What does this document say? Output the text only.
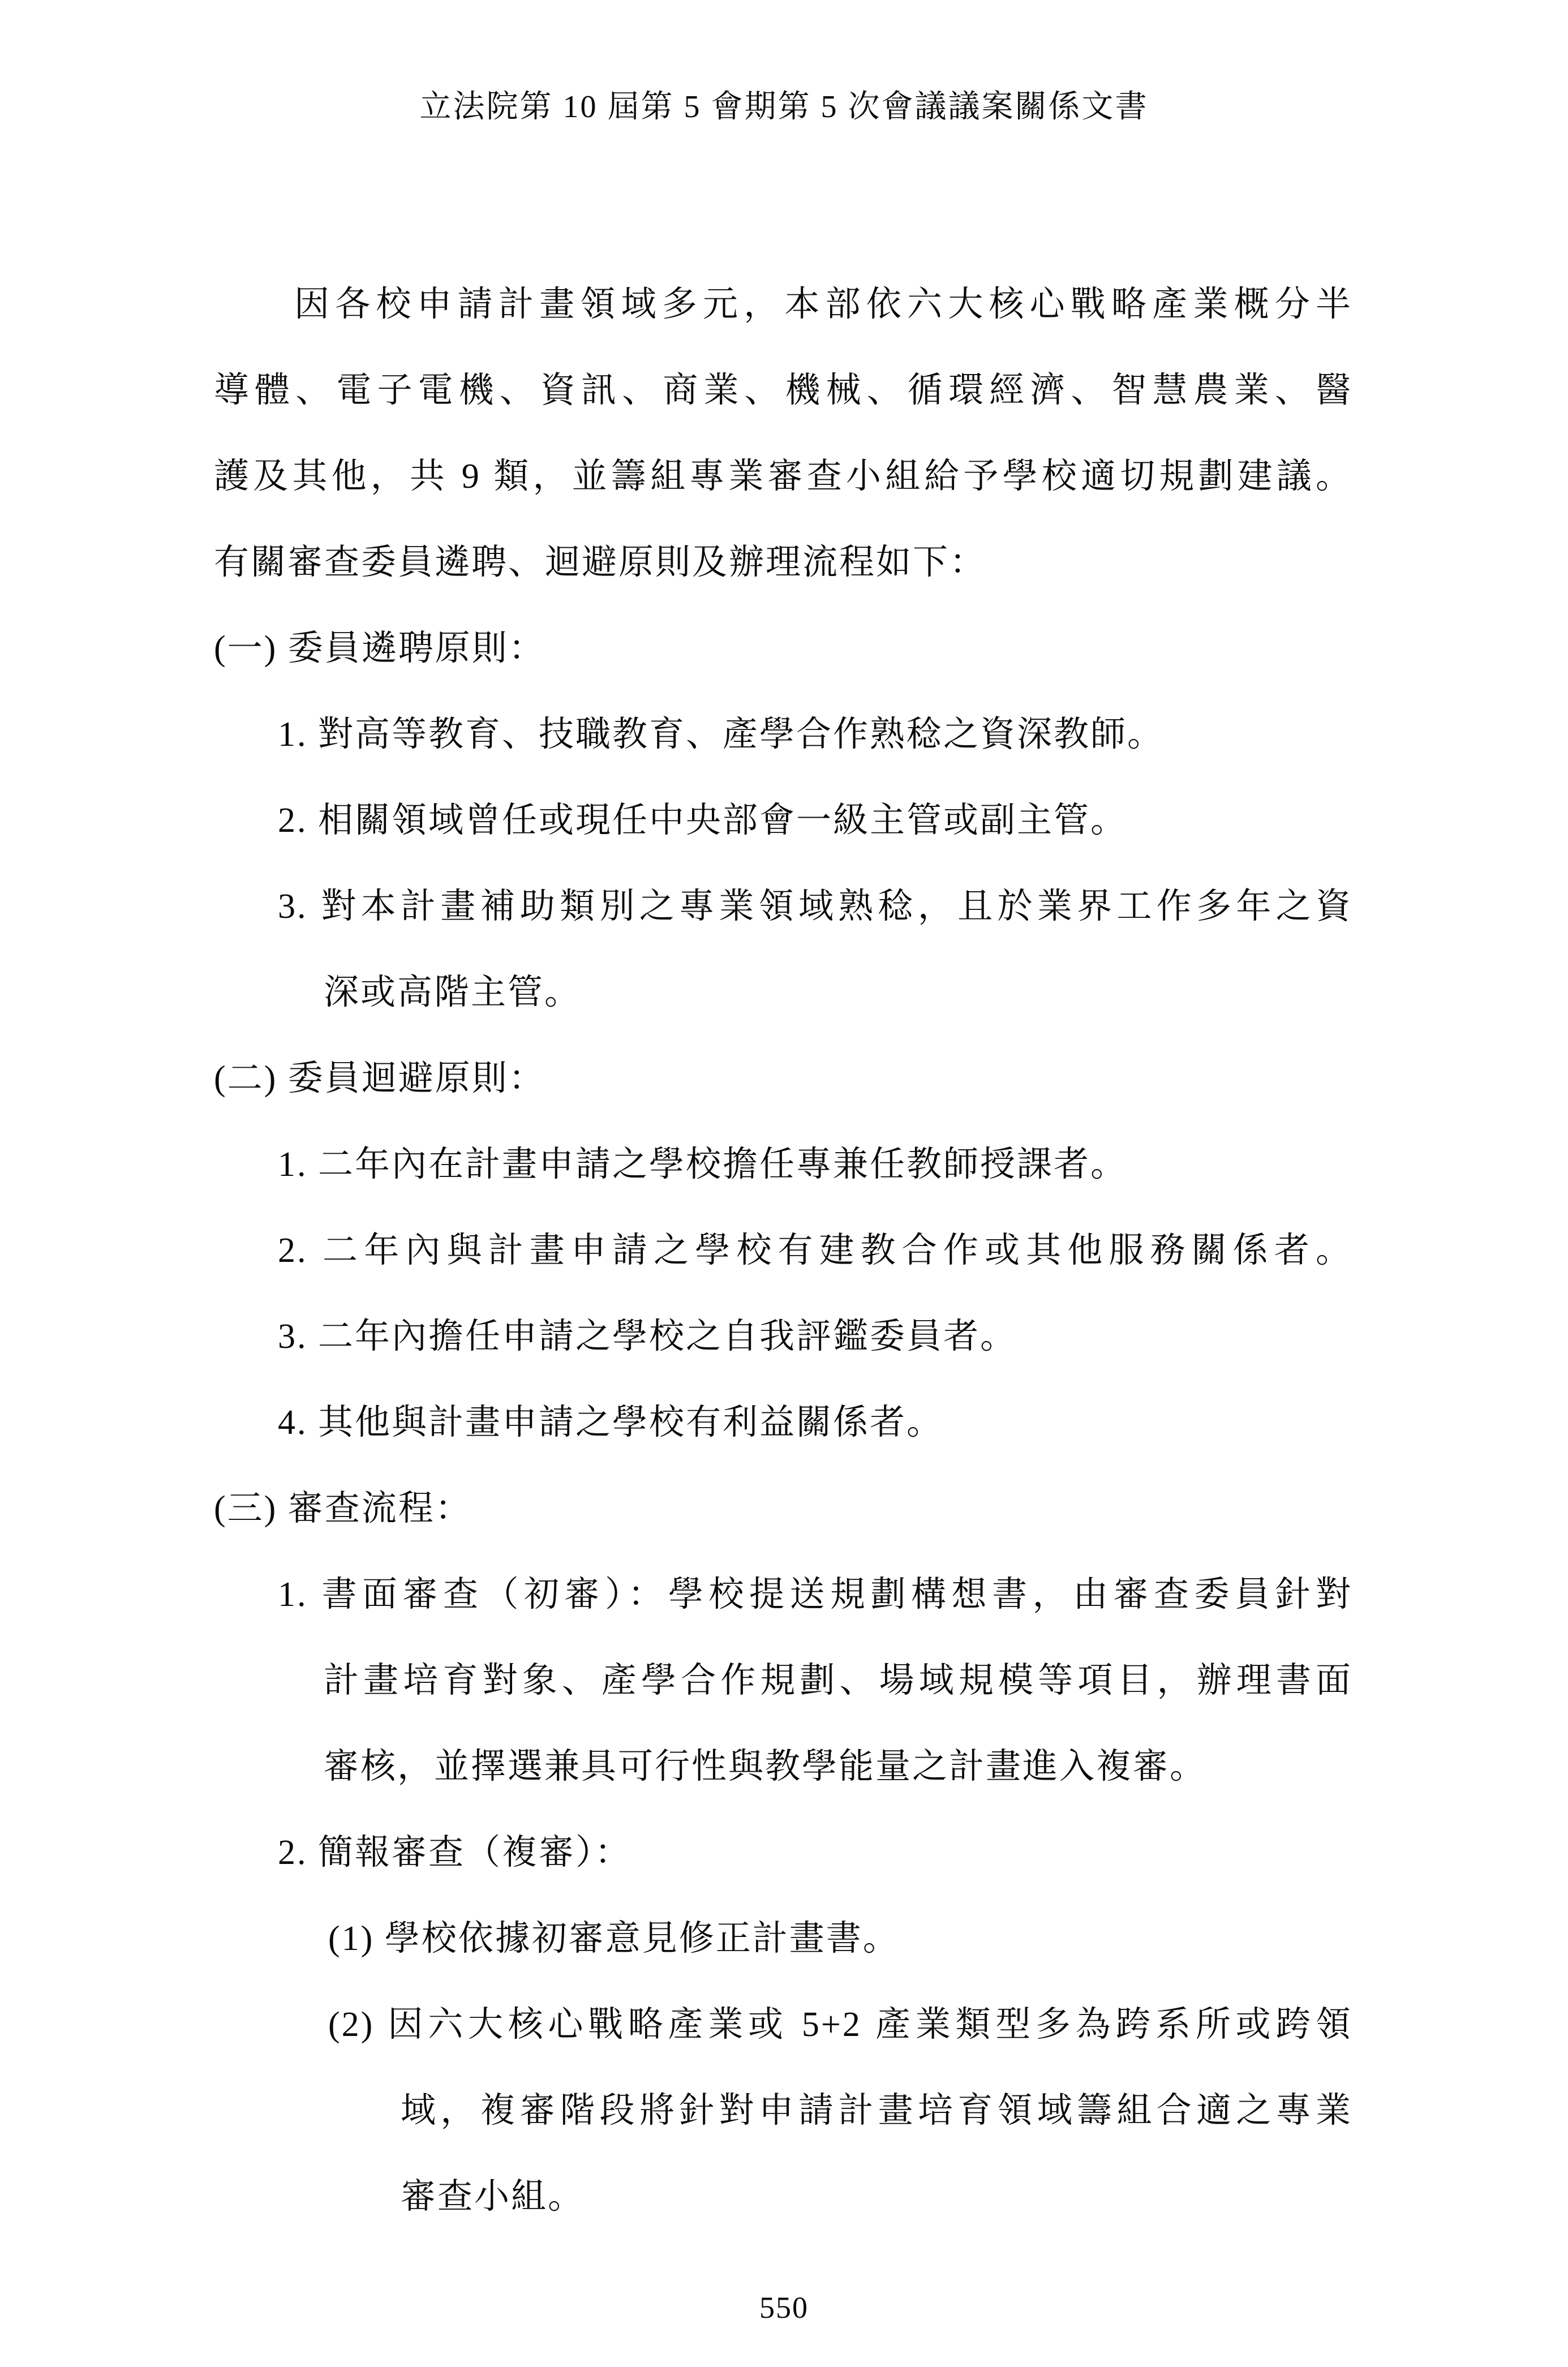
立法院第 10 屆第 5 會期第 5 次會議議案關係文書
因各校申請計畫領域多元，本部依六大核心戰略產業概分半
導體、電子電機、資訊、商業、機械、循環經濟、智慧農業、醫
護及其他，共 9 類，並籌組專業審查小組給予學校適切規劃建議。
有關審查委員遴聘、迴避原則及辦理流程如下：
(一) 委員遴聘原則：
1. 對高等教育、技職教育、產學合作熟稔之資深教師。
2. 相關領域曾任或現任中央部會一級主管或副主管。
3. 對本計畫補助類別之專業領域熟稔，且於業界工作多年之資
深或高階主管。
(二) 委員迴避原則：
1. 二年內在計畫申請之學校擔任專兼任教師授課者。
2. 二年內與計畫申請之學校有建教合作或其他服務關係者。
3. 二年內擔任申請之學校之自我評鑑委員者。
4. 其他與計畫申請之學校有利益關係者。
(三) 審查流程：
1. 書面審查（初審）：學校提送規劃構想書，由審查委員針對
計畫培育對象、產學合作規劃、場域規模等項目，辦理書面
審核，並擇選兼具可行性與教學能量之計畫進入複審。
2. 簡報審查（複審）：
(1) 學校依據初審意見修正計畫書。
(2) 因六大核心戰略產業或 5+2 產業類型多為跨系所或跨領
域，複審階段將針對申請計畫培育領域籌組合適之專業
審查小組。
550
